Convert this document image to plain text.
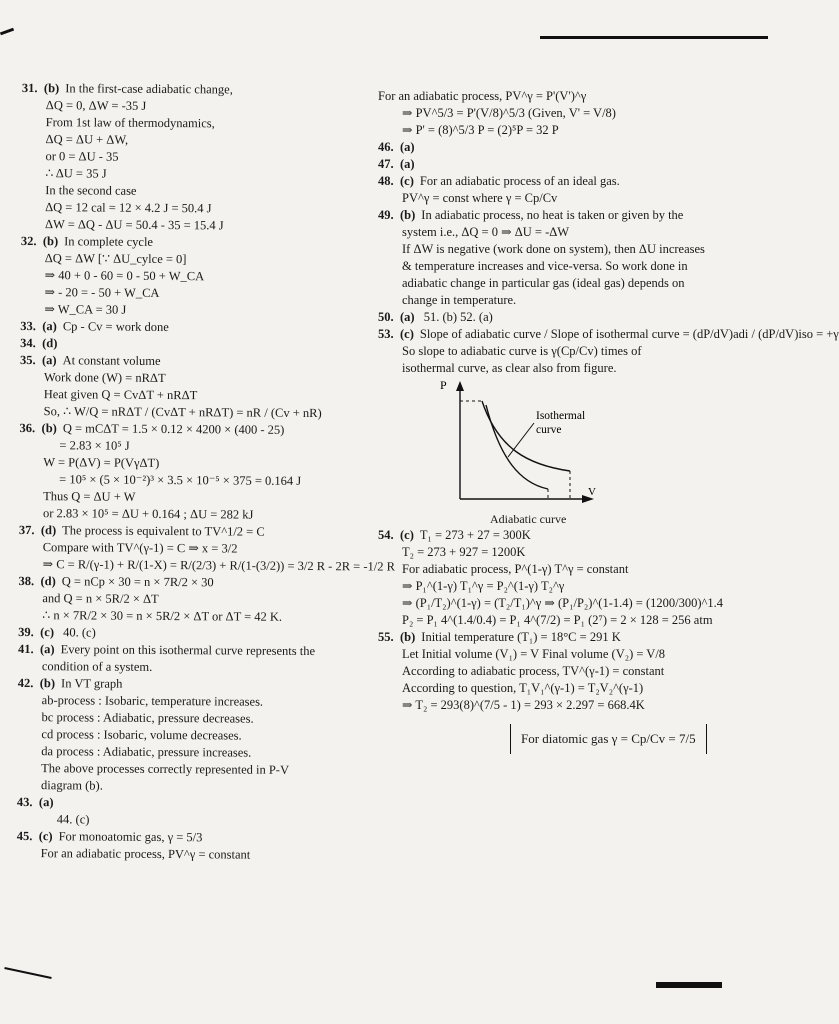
31. (b) In the first-case adiabatic change,
ΔQ = 0, ΔW = -35 J
From 1st law of thermodynamics,
ΔQ = ΔU + ΔW,
or 0 = ΔU - 35
∴ ΔU = 35 J
In the second case
ΔQ = 12 cal = 12 × 4.2 J = 50.4 J
ΔW = ΔQ - ΔU = 50.4 - 35 = 15.4 J
32. (b) In complete cycle
ΔQ = ΔW [∵ ΔU_cylce = 0]
⇒ 40 + 0 - 60 = 0 - 50 + W_CA
⇒ - 20 = - 50 + W_CA
⇒ W_CA = 30 J
33. (a) Cp - Cv = work done
34. (d)
35. (a) At constant volume
Work done (W) = nRΔT
Heat given Q = CvΔT + nRΔT
So, ∴ W/Q = nRΔT / (CvΔT + nRΔT) = nR / (Cv + nR)
36. (b) Q = mCΔT = 1.5 × 0.12 × 4200 × (400 - 25)
= 2.83 × 10⁵ J
W = P(ΔV) = P(VγΔT)
= 10⁵ × (5 × 10⁻²)³ × 3.5 × 10⁻⁵ × 375 = 0.164 J
Thus Q = ΔU + W
or 2.83 × 10⁵ = ΔU + 0.164 ; ΔU = 282 kJ
37. (d) The process is equivalent to TV^1/2 = C
Compare with TV^(γ-1) = C ⇒ x = 3/2
⇒ C = R/(γ-1) + R/(1-X) = R/(2/3) + R/(1-(3/2)) = 3/2 R - 2R = -1/2 R
38. (d) Q = nCp × 30 = n × 7R/2 × 30
and Q = n × 5R/2 × ΔT
∴ n × 7R/2 × 30 = n × 5R/2 × ΔT or ΔT = 42 K.
39. (c) 40. (c)
41. (a) Every point on this isothermal curve represents the
condition of a system.
42. (b) In VT graph
ab-process : Isobaric, temperature increases.
bc process : Adiabatic, pressure decreases.
cd process : Isobaric, volume decreases.
da process : Adiabatic, pressure increases.
The above processes correctly represented in P-V
diagram (b).
43. (a)
44. (c)
45. (c) For monoatomic gas, γ = 5/3
For an adiabatic process, PV^γ = constant
For an adiabatic process, PV^γ = P'(V')^γ
⇒ PV^5/3 = P'(V/8)^5/3 (Given, V' = V/8)
⇒ P' = (8)^5/3 P = (2)⁵P = 32 P
46. (a)
47. (a)
48. (c) For an adiabatic process of an ideal gas.
PV^γ = const where γ = Cp/Cv
49. (b) In adiabatic process, no heat is taken or given by the
system i.e., ΔQ = 0 ⇒ ΔU = -ΔW
If ΔW is negative (work done on system), then ΔU increases
& temperature increases and vice-versa. So work done in
adiabatic change in particular gas (ideal gas) depends on
change in temperature.
50. (a) 51. (b) 52. (a)
53. (c) Slope of adiabatic curve / Slope of isothermal curve = (dP/dV)adi / (dP/dV)iso = +γ
So slope to adiabatic curve is γ(Cp/Cv) times of
isothermal curve, as clear also from figure.
P
V
Isothermal
curve
Adiabatic curve
54. (c) T₁ = 273 + 27 = 300K
T₂ = 273 + 927 = 1200K
For adiabatic process, P^(1-γ) T^γ = constant
⇒ P₁^(1-γ) T₁^γ = P₂^(1-γ) T₂^γ
⇒ (P₁/T₂)^(1-γ) = (T₂/T₁)^γ ⇒ (P₁/P₂)^(1-1.4) = (1200/300)^1.4
P₂ = P₁ 4^(1.4/0.4) = P₁ 4^(7/2) = P₁ (2⁷) = 2 × 128 = 256 atm
55. (b) Initial temperature (T₁) = 18°C = 291 K
Let Initial volume (V₁) = V Final volume (V₂) = V/8
According to adiabatic process, TV^(γ-1) = constant
According to question, T₁V₁^(γ-1) = T₂V₂^(γ-1)
⇒ T₂ = 293(8)^(7/5 - 1) = 293 × 2.297 = 668.4K
For diatomic gas γ = Cp/Cv = 7/5
